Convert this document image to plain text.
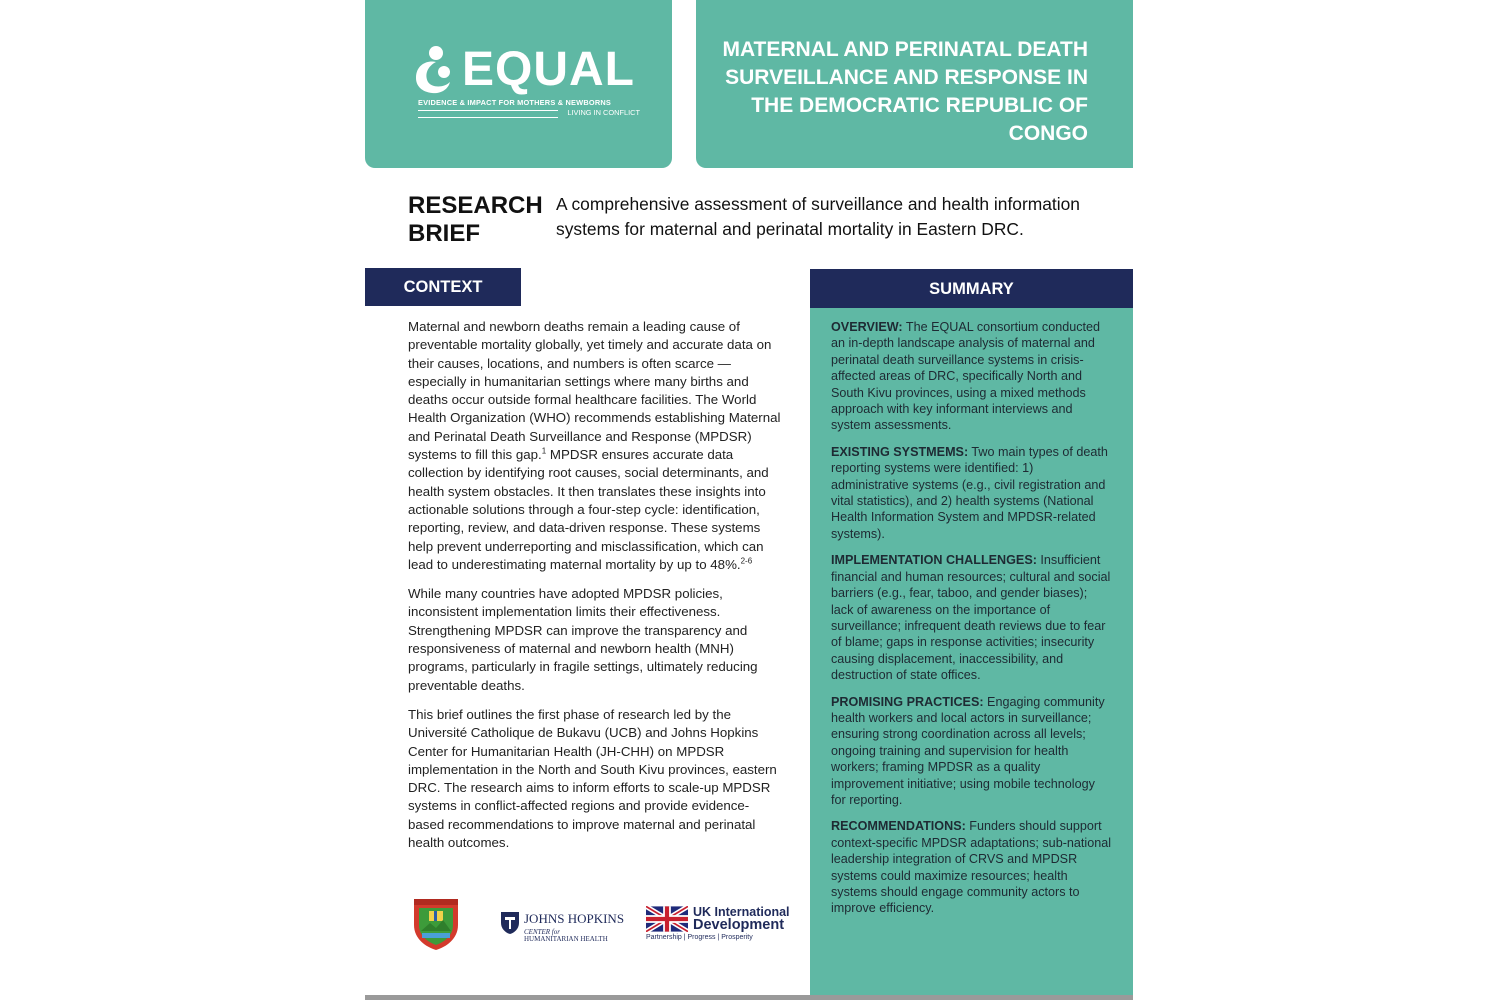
EQUAL
EVIDENCE & IMPACT FOR MOTHERS & NEWBORNS
LIVING IN CONFLICT
MATERNAL AND PERINATAL DEATH SURVEILLANCE AND RESPONSE IN THE DEMOCRATIC REPUBLIC OF CONGO
RESEARCH
BRIEF
A comprehensive assessment of surveillance and health information systems for maternal and perinatal mortality in Eastern DRC.
CONTEXT

Maternal and newborn deaths remain a leading cause of preventable mortality globally, yet timely and accurate data on their causes, locations, and numbers is often scarce —especially in humanitarian settings where many births and deaths occur outside formal healthcare facilities. The World Health Organization (WHO) recommends establishing Maternal and Perinatal Death Surveillance and Response (MPDSR) systems to fill this gap.$^1$ MPDSR ensures accurate data collection by identifying root causes, social determinants, and health system obstacles. It then translates these insights into actionable solutions through a four-step cycle: identification, reporting, review, and data-driven response. These systems help prevent underreporting and misclassification, which can lead to underestimating maternal mortality by up to 48%.$^{2-6}$

While many countries have adopted MPDSR policies, inconsistent implementation limits their effectiveness. Strengthening MPDSR can improve the transparency and responsiveness of maternal and newborn health (MNH) programs, particularly in fragile settings, ultimately reducing preventable deaths.

This brief outlines the first phase of research led by the Université Catholique de Bukavu (UCB) and Johns Hopkins Center for Humanitarian Health (JH-CHH) on MPDSR implementation in the North and South Kivu provinces, eastern DRC. The research aims to inform efforts to scale-up MPDSR systems in conflict-affected regions and provide evidence-based recommendations to improve maternal and perinatal health outcomes.

SUMMARY

OVERVIEW: The EQUAL consortium conducted an in-depth landscape analysis of maternal and perinatal death surveillance systems in crisis-affected areas of DRC, specifically North and South Kivu provinces, using a mixed methods approach with key informant interviews and system assessments.

EXISTING SYSTMEMS: Two main types of death reporting systems were identified: 1) administrative systems (e.g., civil registration and vital statistics), and 2) health systems (National Health Information System and MPDSR-related systems).

IMPLEMENTATION CHALLENGES: Insufficient financial and human resources; cultural and social barriers (e.g., fear, taboo, and gender biases); lack of awareness on the importance of surveillance; infrequent death reviews due to fear of blame; gaps in response activities; insecurity causing displacement, inaccessibility, and destruction of state offices.

PROMISING PRACTICES: Engaging community health workers and local actors in surveillance; ensuring strong coordination across all levels; ongoing training and supervision for health workers; framing MPDSR as a quality improvement initiative; using mobile technology for reporting.

RECOMMENDATIONS: Funders should support context-specific MPDSR adaptations; sub-national leadership integration of CRVS and MPDSR systems could maximize resources; health systems should engage community actors to improve efficiency.

JOHNS HOPKINS
CENTER for
HUMANITARIAN HEALTH
UK International
Development
Partnership | Progress | Prosperity
